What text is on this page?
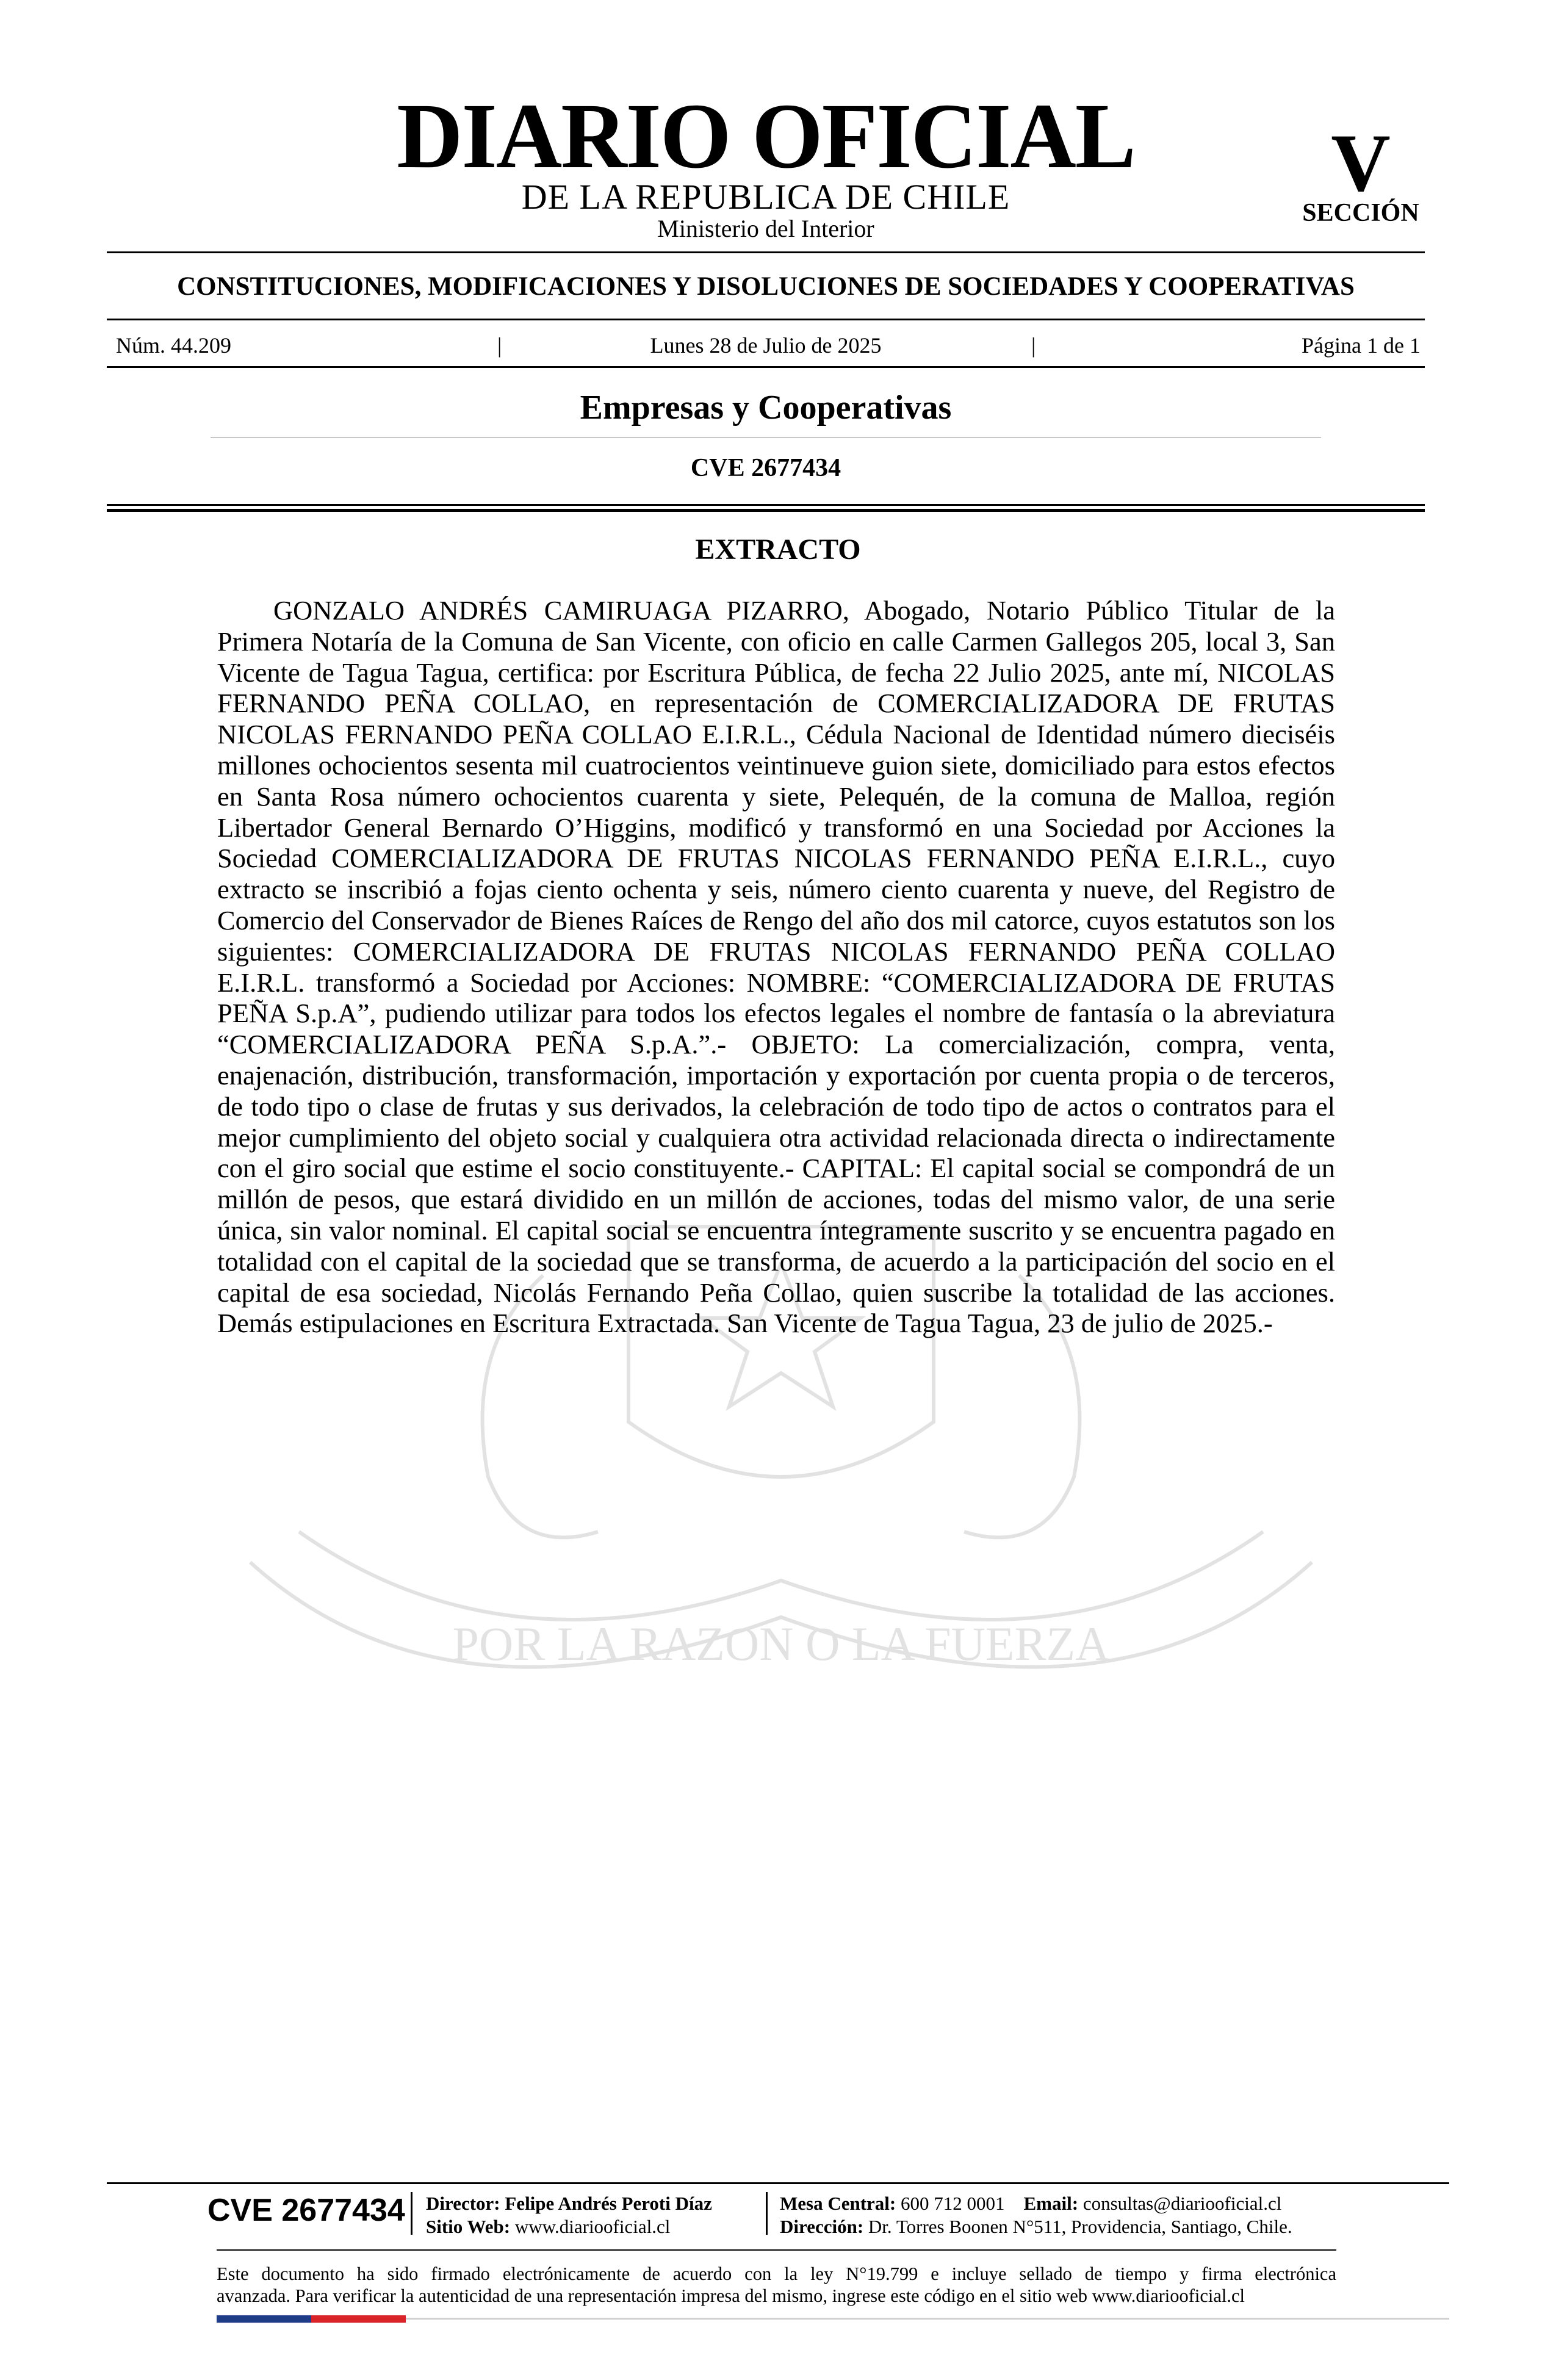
DIARIO OFICIAL
DE LA REPUBLICA DE CHILE
Ministerio del Interior
V
SECCIÓN
CONSTITUCIONES, MODIFICACIONES Y DISOLUCIONES DE SOCIEDADES Y COOPERATIVAS
Núm. 44.209	|	Lunes 28 de Julio de 2025	|	Página 1 de 1
Empresas y Cooperativas
CVE 2677434
POR LA RAZON O LA FUERZA
EXTRACTO

GONZALO ANDRÉS CAMIRUAGA PIZARRO, Abogado, Notario Público Titular de la Primera Notaría de la Comuna de San Vicente, con oficio en calle Carmen Gallegos 205, local 3, San Vicente de Tagua Tagua, certifica: por Escritura Pública, de fecha 22 Julio 2025, ante mí, NICOLAS FERNANDO PEÑA COLLAO, en representación de COMERCIALIZADORA DE FRUTAS NICOLAS FERNANDO PEÑA COLLAO E.I.R.L., Cédula Nacional de Identidad número dieciséis millones ochocientos sesenta mil cuatrocientos veintinueve guion siete, domiciliado para estos efectos en Santa Rosa número ochocientos cuarenta y siete, Pelequén, de la comuna de Malloa, región Libertador General Bernardo O’Higgins, modificó y transformó en una Sociedad por Acciones la Sociedad COMERCIALIZADORA DE FRUTAS NICOLAS FERNANDO PEÑA E.I.R.L., cuyo extracto se inscribió a fojas ciento ochenta y seis, número ciento cuarenta y nueve, del Registro de Comercio del Conservador de Bienes Raíces de Rengo del año dos mil catorce, cuyos estatutos son los siguientes: COMERCIALIZADORA DE FRUTAS NICOLAS FERNANDO PEÑA COLLAO E.I.R.L. transformó a Sociedad por Acciones: NOMBRE: “COMERCIALIZADORA DE FRUTAS PEÑA S.p.A”, pudiendo utilizar para todos los efectos legales el nombre de fantasía o la abreviatura “COMERCIALIZADORA PEÑA S.p.A.”.- OBJETO: La comercialización, compra, venta, enajenación, distribución, transformación, importación y exportación por cuenta propia o de terceros, de todo tipo o clase de frutas y sus derivados, la celebración de todo tipo de actos o contratos para el mejor cumplimiento del objeto social y cualquiera otra actividad relacionada directa o indirectamente con el giro social que estime el socio constituyente.- CAPITAL: El capital social se compondrá de un millón de pesos, que estará dividido en un millón de acciones, todas del mismo valor, de una serie única, sin valor nominal. El capital social se encuentra íntegramente suscrito y se encuentra pagado en totalidad con el capital de la sociedad que se transforma, de acuerdo a la participación del socio en el capital de esa sociedad, Nicolás Fernando Peña Collao, quien suscribe la totalidad de las acciones. Demás estipulaciones en Escritura Extractada. San Vicente de Tagua Tagua, 23 de julio de 2025.-

CVE 2677434 Director: Felipe Andrés Peroti Díaz
Sitio Web: www.diariooficial.cl
Mesa Central: 600 712 0001 Email: consultas@diariooficial.cl
Dirección: Dr. Torres Boonen N°511, Providencia, Santiago, Chile.
Este documento ha sido firmado electrónicamente de acuerdo con la ley N°19.799 e incluye sellado de tiempo y firma electrónica
avanzada. Para verificar la autenticidad de una representación impresa del mismo, ingrese este código en el sitio web www.diariooficial.cl
